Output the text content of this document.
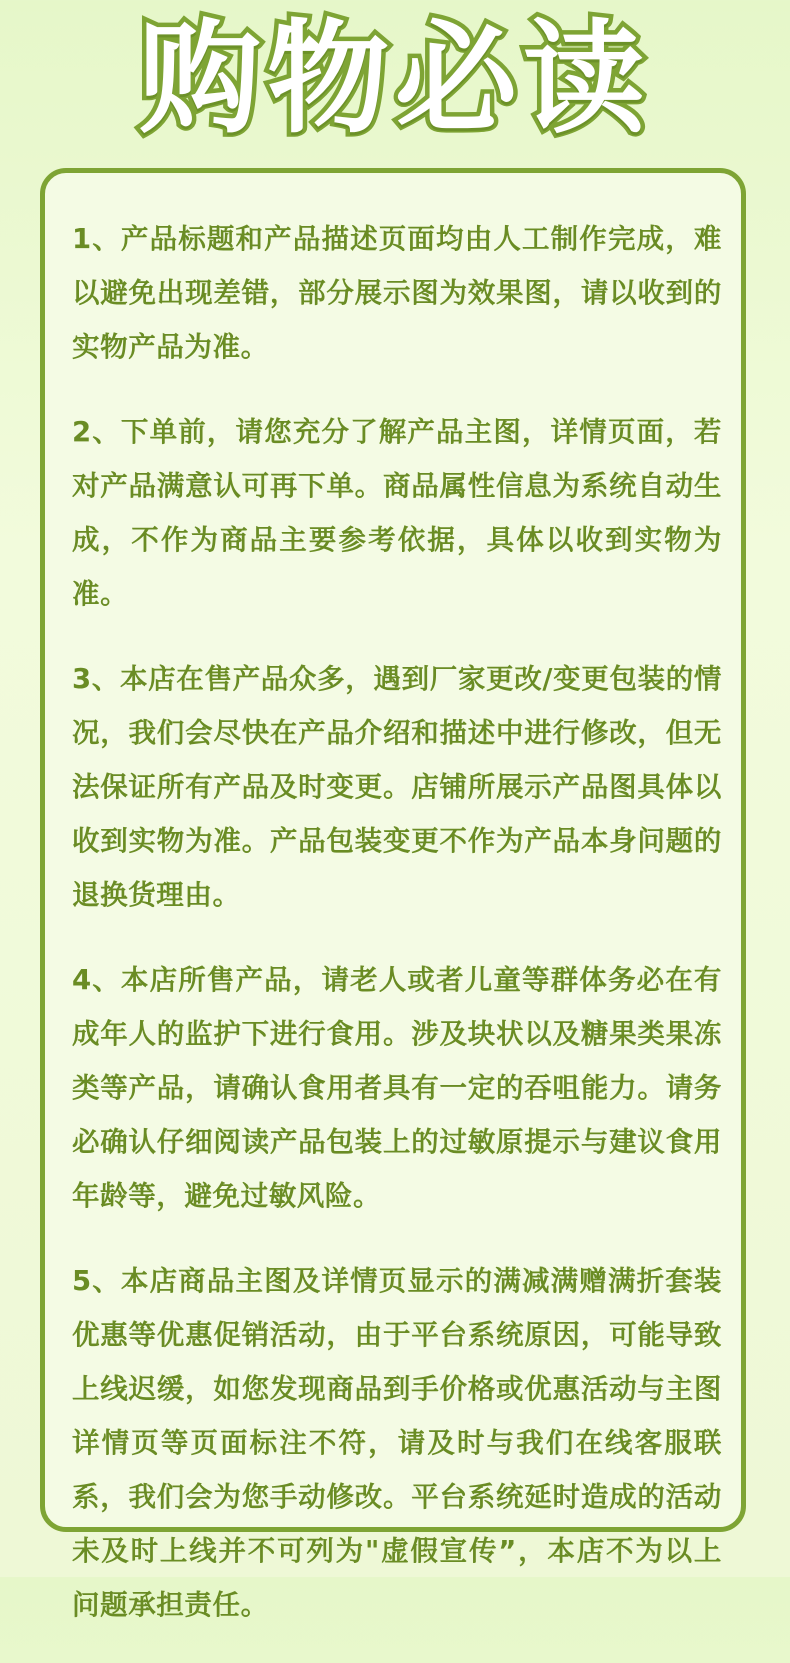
购物必读

1、产品标题和产品描述页面均由人工制作完成，难以避免出现差错，部分展示图为效果图，请以收到的实物产品为准。

2、下单前，请您充分了解产品主图，详情页面，若对产品满意认可再下单。商品属性信息为系统自动生成，不作为商品主要参考依据，具体以收到实物为准。

3、本店在售产品众多，遇到厂家更改/变更包装的情况，我们会尽快在产品介绍和描述中进行修改，但无法保证所有产品及时变更。店铺所展示产品图具体以收到实物为准。产品包装变更不作为产品本身问题的退换货理由。

4、本店所售产品，请老人或者儿童等群体务必在有成年人的监护下进行食用。涉及块状以及糖果类果冻类等产品，请确认食用者具有一定的吞咀能力。请务必确认仔细阅读产品包装上的过敏原提示与建议食用年龄等，避免过敏风险。

5、本店商品主图及详情页显示的满减满赠满折套装优惠等优惠促销活动，由于平台系统原因，可能导致上线迟缓，如您发现商品到手价格或优惠活动与主图详情页等页面标注不符，请及时与我们在线客服联系，我们会为您手动修改。平台系统延时造成的活动未及时上线并不可列为"虚假宣传”，本店不为以上问题承担责任。
